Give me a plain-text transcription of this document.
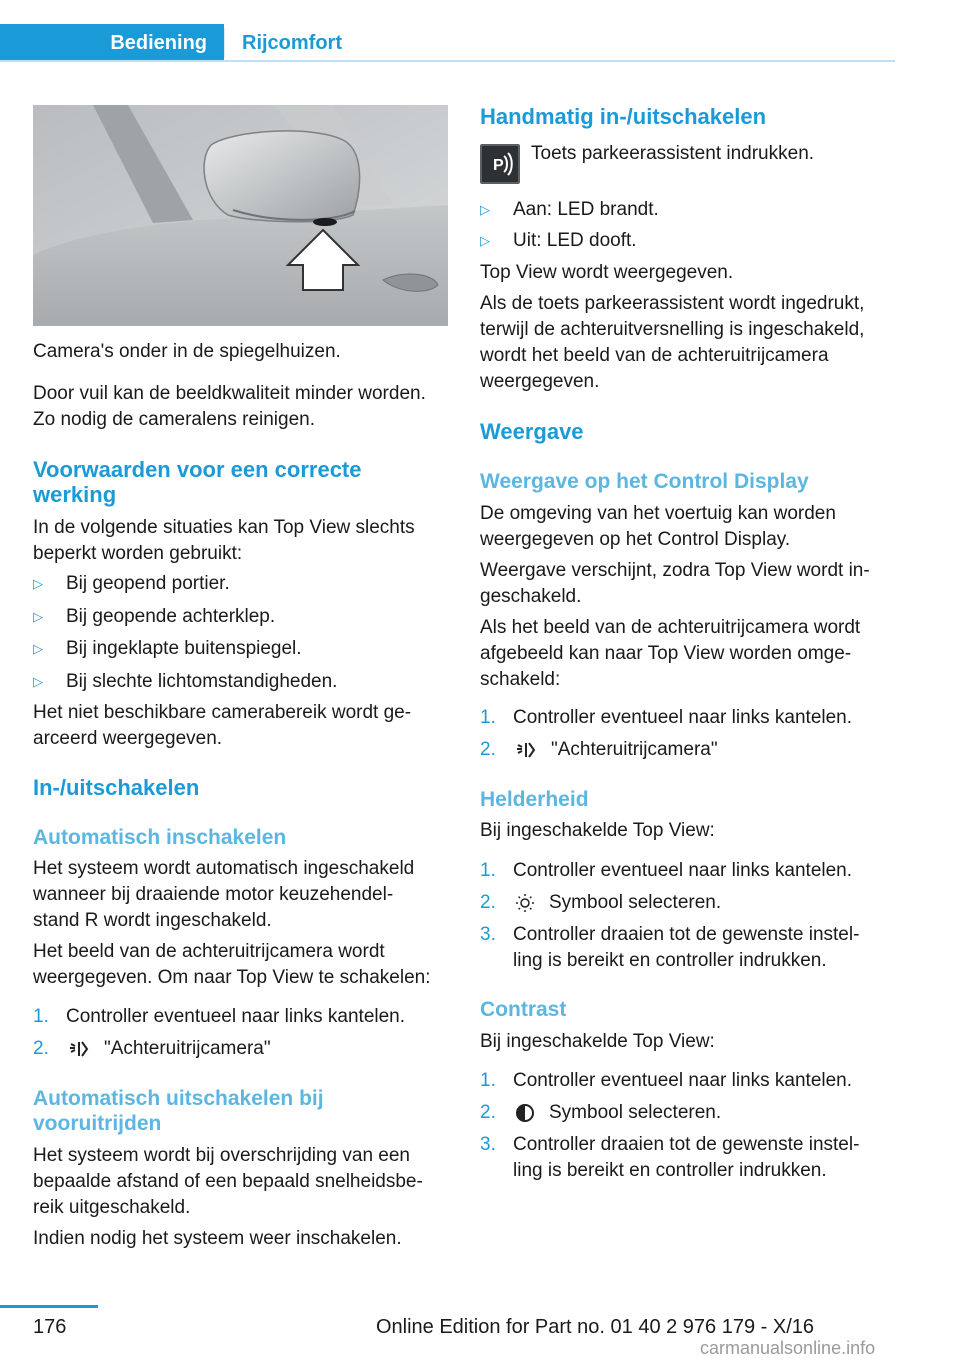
Bediening Rijcomfort

Camera's onder in de spiegelhuizen.

Door vuil kan de beeldkwaliteit minder worden.

Zo nodig de cameralens reinigen.

Voorwaarden voor een correcte
werking

In de volgende situaties kan Top View slechts

beperkt worden gebruikt:

▷	Bij geopend portier.
▷	Bij geopende achterklep.
▷	Bij ingeklapte buitenspiegel.
▷	Bij slechte lichtomstandigheden.

Het niet beschikbare camerabereik wordt ge‐

arceerd weergegeven.

In-/uitschakelen
Automatisch inschakelen

Het systeem wordt automatisch ingeschakeld

wanneer bij draaiende motor keuzehendel‐

stand R wordt ingeschakeld.

Het beeld van de achteruitrijcamera wordt

weergegeven. Om naar Top View te schakelen:

1. Controller eventueel naar links kantelen.
2.	"Achteruitrijcamera"
Automatisch uitschakelen bij
vooruitrijden

Het systeem wordt bij overschrijding van een

bepaalde afstand of een bepaald snelheidsbe‐

reik uitgeschakeld.

Indien nodig het systeem weer inschakelen.

Handmatig in-/uitschakelen
P

Toets parkeerassistent indrukken.

▷	Aan: LED brandt.
▷	Uit: LED dooft.

Top View wordt weergegeven.

Als de toets parkeerassistent wordt ingedrukt,

terwijl de achteruitversnelling is ingeschakeld,

wordt het beeld van de achteruitrijcamera

weergegeven.

Weergave
Weergave op het Control Display

De omgeving van het voertuig kan worden

weergegeven op het Control Display.

Weergave verschijnt, zodra Top View wordt in‐

geschakeld.

Als het beeld van de achteruitrijcamera wordt

afgebeeld kan naar Top View worden omge‐

schakeld:

1. Controller eventueel naar links kantelen.
2.	"Achteruitrijcamera"
Helderheid

Bij ingeschakelde Top View:

1. Controller eventueel naar links kantelen.
2.	Symbool selecteren.
3. Controller draaien tot de gewenste instel‐
ling is bereikt en controller indrukken.
Contrast

Bij ingeschakelde Top View:

1. Controller eventueel naar links kantelen.
2.	Symbool selecteren.
3. Controller draaien tot de gewenste instel‐
ling is bereikt en controller indrukken.
176	Online Edition for Part no. 01 40 2 976 179 - X/16
carmanualsonline.info
